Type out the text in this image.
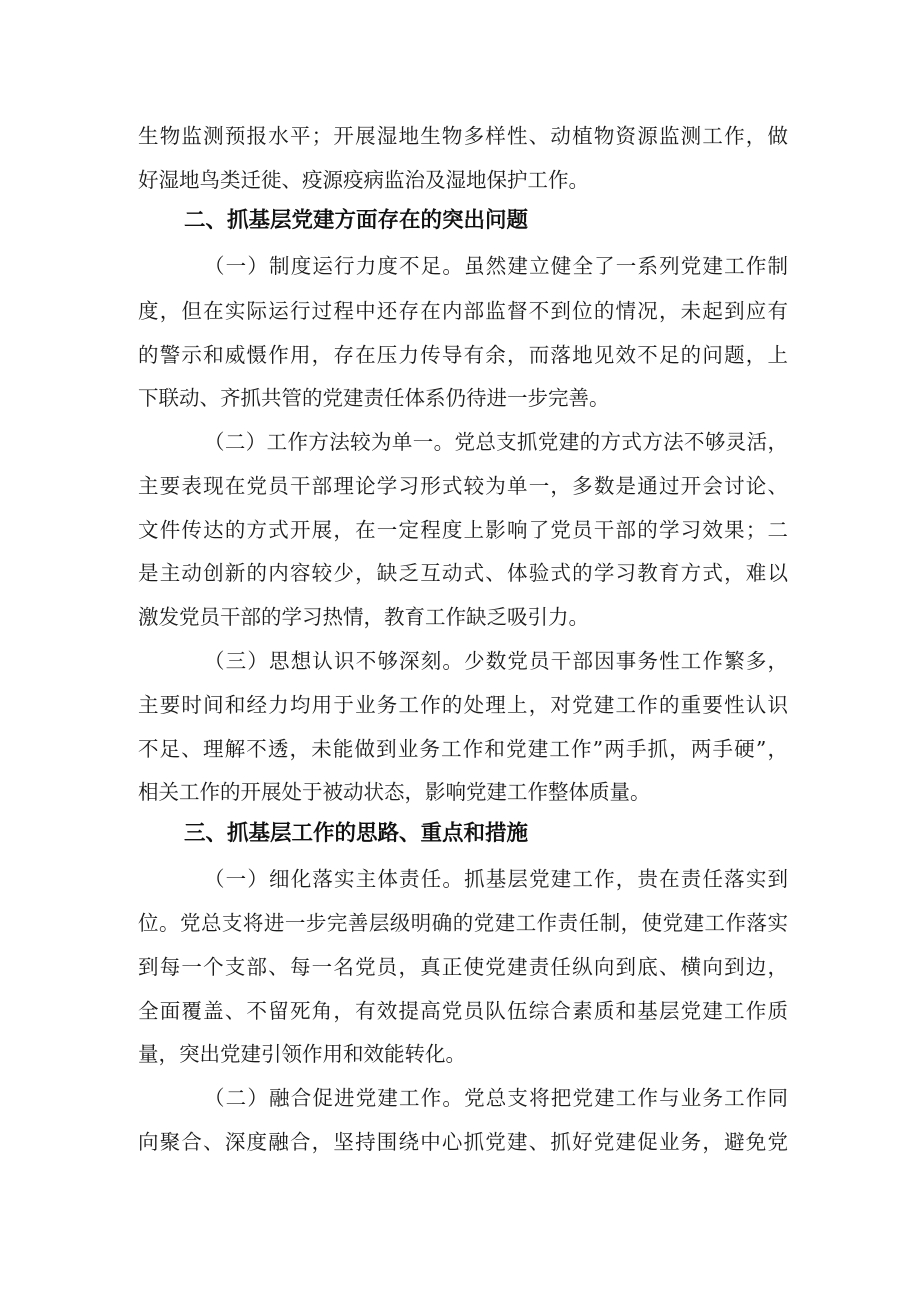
生物监测预报水平；开展湿地生物多样性、动植物资源监测工作，做
好湿地鸟类迁徙、疫源疫病监治及湿地保护工作。
二、抓基层党建方面存在的突出问题
（一）制度运行力度不足。虽然建立健全了一系列党建工作制
度，但在实际运行过程中还存在内部监督不到位的情况，未起到应有
的警示和威慑作用，存在压力传导有余，而落地见效不足的问题，上
下联动、齐抓共管的党建责任体系仍待进一步完善。
（二）工作方法较为单一。党总支抓党建的方式方法不够灵活，
主要表现在党员干部理论学习形式较为单一，多数是通过开会讨论、
文件传达的方式开展，在一定程度上影响了党员干部的学习效果；二
是主动创新的内容较少，缺乏互动式、体验式的学习教育方式，难以
激发党员干部的学习热情，教育工作缺乏吸引力。
（三）思想认识不够深刻。少数党员干部因事务性工作繁多，
主要时间和经力均用于业务工作的处理上，对党建工作的重要性认识
不足、理解不透，未能做到业务工作和党建工作”两手抓，两手硬”，
相关工作的开展处于被动状态，影响党建工作整体质量。
三、抓基层工作的思路、重点和措施
（一）细化落实主体责任。抓基层党建工作，贵在责任落实到
位。党总支将进一步完善层级明确的党建工作责任制，使党建工作落实
到每一个支部、每一名党员，真正使党建责任纵向到底、横向到边，
全面覆盖、不留死角，有效提高党员队伍综合素质和基层党建工作质
量，突出党建引领作用和效能转化。
（二）融合促进党建工作。党总支将把党建工作与业务工作同
向聚合、深度融合，坚持围绕中心抓党建、抓好党建促业务，避免党
